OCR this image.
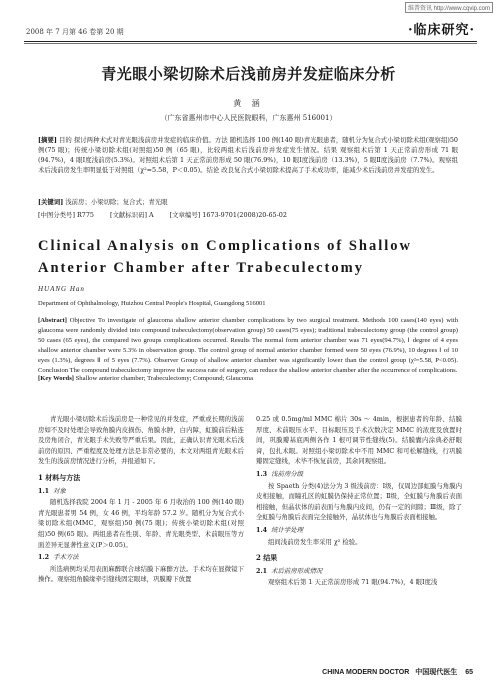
维普资讯 http://www.cqvip.com
2008 年 7 月第 46 卷第 20 期	·临床研究·
青光眼小梁切除术后浅前房并发症临床分析
黄 涵
（广东省惠州市中心人民医院眼科，广东惠州 516001）
[摘要] 目的 探讨两种术式对青光眼浅前房并发症的临床价值。方法 随机选择 100 例(140 眼)青光眼患者，随机分为复合式小梁切除术组(观察组)50 例(75 眼)；传统小梁切除术组(对照组)50 例（65 眼)，比较两组术后浅前房并发症发生情况。结果 观察组术后第 1 天正常前房形成 71 眼(94.7%)，4 眼Ⅰ度浅前房(5.3%)。对照组术后第 1 天正常前房形成 50 眼(76.9%)，10 眼Ⅰ度浅前房（13.3%)，5 眼Ⅱ度浅前房（7.7%)。观察组术后浅前房发生率明显低于对照组（χ²=5.58，P＜0.05)。结论 改良复合式小梁切除术提高了手术成功率，能减少术后浅前房并发症的发生。
[关键词] 浅前房；小梁切除；复合式；青光眼
[中图分类号] R775	[文献标识码] A	[文章编号] 1673-9701(2008)20-65-02
Clinical Analysis on Complications of Shallow Anterior Chamber after Trabeculectomy
HUANG Han
Department of Ophthalmology, Huizhou Central People's Hospital, Guangdong 516001
[Abstract] Objective To investigate of glaucoma shallow anterior chamber complications by two surgical treatment. Methods 100 cases(140 eyes) with glaucoma were randomly divided into compound trabeculectomy(observation group) 50 cases(75 eyes); traditional trabeculectomy group (the control group) 50 cases (65 eyes), the compared two groups complications occurred. Results The normal form anterior chamber was 71 eyes(94.7%), Ⅰ degree of 4 eyes shallow anterior chamber were 5.3% in observation group. The control group of normal anterior chamber formed were 50 eyes (76.9%), 10 degrees Ⅰ of 10 eyes (1.3%), degrees Ⅱ of 5 eyes (7.7%). Observer Group of shallow anterior chamber was significantly lower than the control group (χ²=5.58, P<0.05). Conclusion The compound trabeculectomy improve the success rate of surgery, can reduce the shallow anterior chamber after the occurrence of complications.
[Key Words] Shallow anterior chamber; Trabeculectomy; Compound; Glaucoma

青光眼小梁切除术后浅前房是一种常见的并发症，严重或长期的浅前房如不及时处理会导致角膜内皮损伤、角膜水肿，白内障，虹膜前后粘连及房角闭合，青光眼手术失败等严重后果。因此，正确认识青光眼术后浅前房的原因、严重程度及处理方法是非常必要的，本文对两组青光眼术后发生的浅前房情况进行分析，并报道如下。

1 材料与方法
1.1 对象

随机选择我院 2004 年 1 月 - 2005 年 6 月收治的 100 例(140 眼)青光眼患者男 54 例，女 46 例，平均年龄 57.2 岁。随机分为复合式小梁切除术组(MMC，观察组)50 例(75 眼)；传统小梁切除术组(对照组)50 例(65 眼)。两组患者在性别、年龄、青光眼类型、术前眼压等方面差异无显著性意义(P＞0.05)。

1.2 手术方法

所选病例均采用表面麻醉联合球结膜下麻醉方法。手术均在显微镜下操作。观察组角膜缘牵引缝线固定眼球，巩膜瓣下放置

0.25 或 0.5mg/ml MMC 棉片 30s ～ 4min，根据患者的年龄、结膜厚度、术前眼压水平、目标眼压及手术次数决定 MMC 的浓度及放置时间，巩膜瓣基底两侧各作 1 根可调节性缝线(5)。结膜囊内涂典必舒眼膏，包扎术眼。对照组小梁切除术中不用 MMC 和可松解缝线，行巩膜瓣固定缝线，术毕不恢复前房，其余同观察组。

1.3 浅前房分级

按 Spaeth 分类(4)法分为 3 级浅前房：Ⅰ级，仅周边部虹膜与角膜内皮相接触，而瞳孔区的虹膜仍保持正常位置；Ⅱ级，全虹膜与角膜后表面相接触，但晶状体的前表面与角膜内皮间，仍有一定的间隙；Ⅲ级，除了全虹膜与角膜后表面完全接触外，晶状体也与角膜后表面相接触。

1.4 统计学处理

组间浅前房发生率采用 χ² 检验。

2 结果
2.1 术后前房形成情况

观察组术后第 1 天正常前房形成 71 眼(94.7%)，4 眼Ⅰ度浅

CHINA MODERN DOCTOR 中国现代医生 65
